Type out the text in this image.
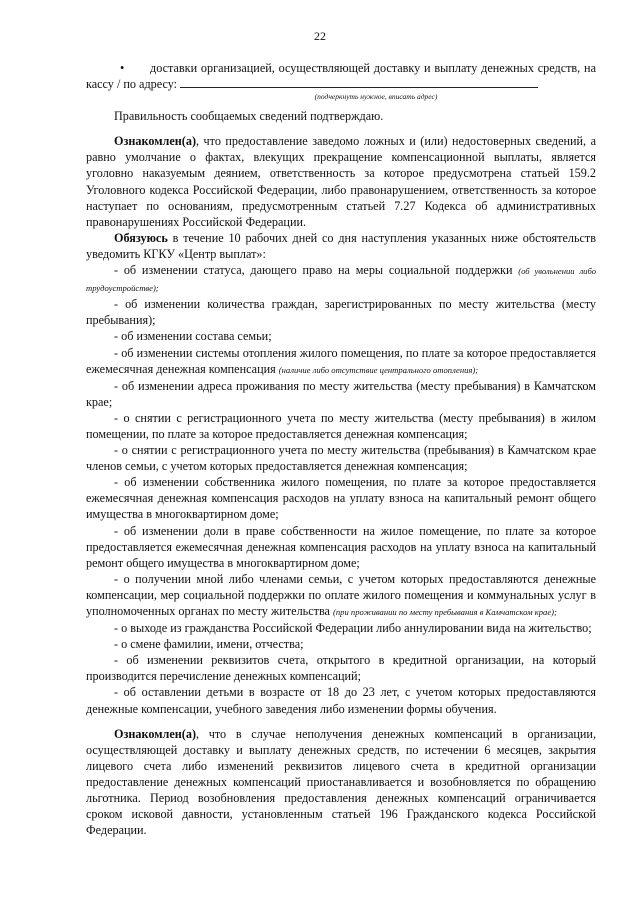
22

• доставки организацией, осуществляющей доставку и выплату денежных средств, на кассу / по адресу:

(подчеркнуть нужное, вписать адрес)

Правильность сообщаемых сведений подтверждаю.

Ознакомлен(а), что предоставление заведомо ложных и (или) недостоверных сведений, а равно умолчание о фактах, влекущих прекращение компенсационной выплаты, является уголовно наказуемым деянием, ответственность за которое предусмотрена статьей 159.2 Уголовного кодекса Российской Федерации, либо правонарушением, ответственность за которое наступает по основаниям, предусмотренным статьей 7.27 Кодекса об административных правонарушениях Российской Федерации.

Обязуюсь в течение 10 рабочих дней со дня наступления указанных ниже обстоятельств уведомить КГКУ «Центр выплат»:

- об изменении статуса, дающего право на меры социальной поддержки (об увольнении либо трудоустройстве);

- об изменении количества граждан, зарегистрированных по месту жительства (месту пребывания);

- об изменении состава семьи;

- об изменении системы отопления жилого помещения, по плате за которое предоставляется ежемесячная денежная компенсация (наличие либо отсутствие центрального отопления);

- об изменении адреса проживания по месту жительства (месту пребывания) в Камчатском крае;

- о снятии с регистрационного учета по месту жительства (месту пребывания) в жилом помещении, по плате за которое предоставляется денежная компенсация;

- о снятии с регистрационного учета по месту жительства (пребывания) в Камчатском крае членов семьи, с учетом которых предоставляется денежная компенсация;

- об изменении собственника жилого помещения, по плате за которое предоставляется ежемесячная денежная компенсация расходов на уплату взноса на капитальный ремонт общего имущества в многоквартирном доме;

- об изменении доли в праве собственности на жилое помещение, по плате за которое предоставляется ежемесячная денежная компенсация расходов на уплату взноса на капитальный ремонт общего имущества в многоквартирном доме;

- о получении мной либо членами семьи, с учетом которых предоставляются денежные компенсации, мер социальной поддержки по оплате жилого помещения и коммунальных услуг в уполномоченных органах по месту жительства (при проживании по месту пребывания в Камчатском крае);

- о выходе из гражданства Российской Федерации либо аннулировании вида на жительство;

- о смене фамилии, имени, отчества;

- об изменении реквизитов счета, открытого в кредитной организации, на который производится перечисление денежных компенсаций;

- об оставлении детьми в возрасте от 18 до 23 лет, с учетом которых предоставляются денежные компенсации, учебного заведения либо изменении формы обучения.

Ознакомлен(а), что в случае неполучения денежных компенсаций в организации, осуществляющей доставку и выплату денежных средств, по истечении 6 месяцев, закрытия лицевого счета либо изменений реквизитов лицевого счета в кредитной организации предоставление денежных компенсаций приостанавливается и возобновляется по обращению льготника. Период возобновления предоставления денежных компенсаций ограничивается сроком исковой давности, установленным статьей 196 Гражданского кодекса Российской Федерации.
